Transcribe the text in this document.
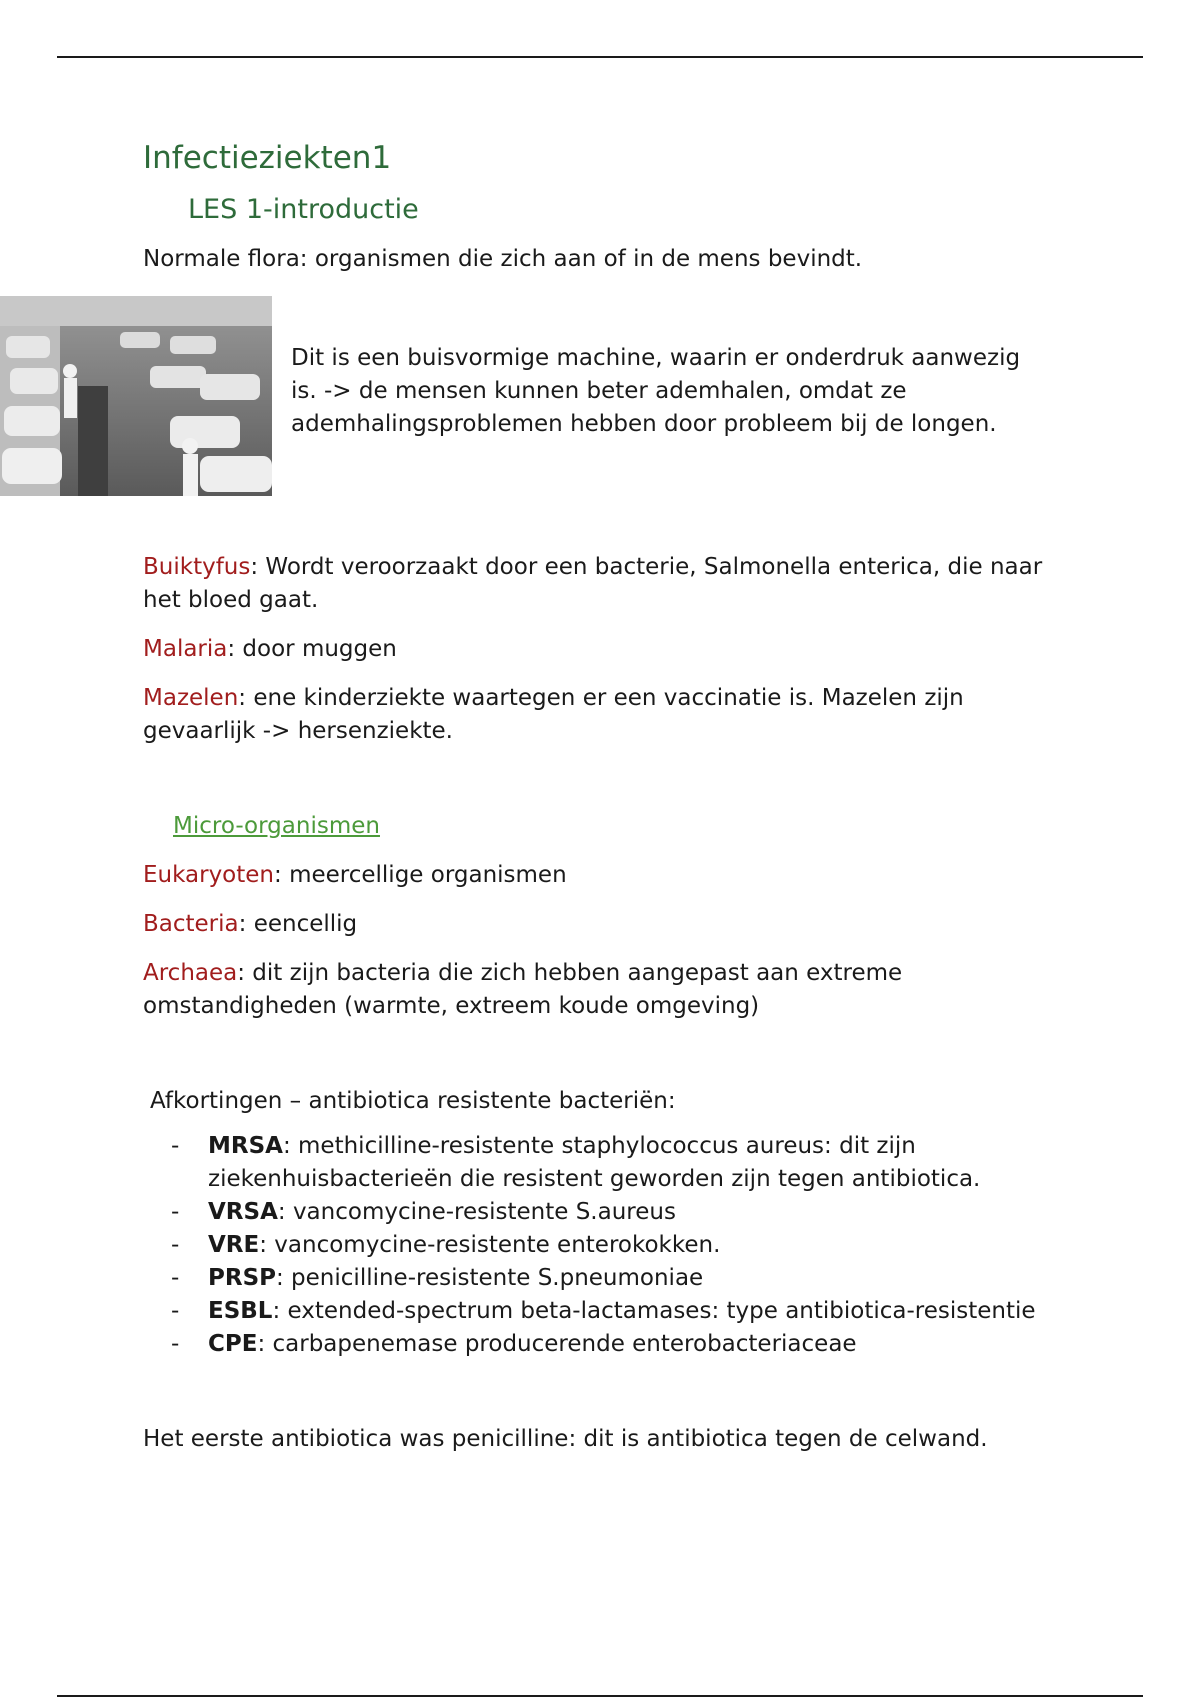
Infectieziekten1
LES 1-introductie

Normale flora: organismen die zich aan of in de mens bevindt.

Dit is een buisvormige machine, waarin er onderdruk aanwezig is. -> de mensen kunnen beter ademhalen, omdat ze ademhalingsproblemen hebben door probleem bij de longen.

Buiktyfus: Wordt veroorzaakt door een bacterie, Salmonella enterica, die naar het bloed gaat.

Malaria: door muggen

Mazelen: ene kinderziekte waartegen er een vaccinatie is. Mazelen zijn gevaarlijk -> hersenziekte.

Micro-organismen

Eukaryoten: meercellige organismen

Bacteria: eencellig

Archaea: dit zijn bacteria die zich hebben aangepast aan extreme omstandigheden (warmte, extreem koude omgeving)

Afkortingen – antibiotica resistente bacteriën:

- MRSA: methicilline-resistente staphylococcus aureus: dit zijn ziekenhuisbacterieën die resistent geworden zijn tegen antibiotica.
- VRSA: vancomycine-resistente S.aureus
- VRE: vancomycine-resistente enterokokken.
- PRSP: penicilline-resistente S.pneumoniae
- ESBL: extended-spectrum beta-lactamases: type antibiotica-resistentie
- CPE: carbapenemase producerende enterobacteriaceae

Het eerste antibiotica was penicilline: dit is antibiotica tegen de celwand.
